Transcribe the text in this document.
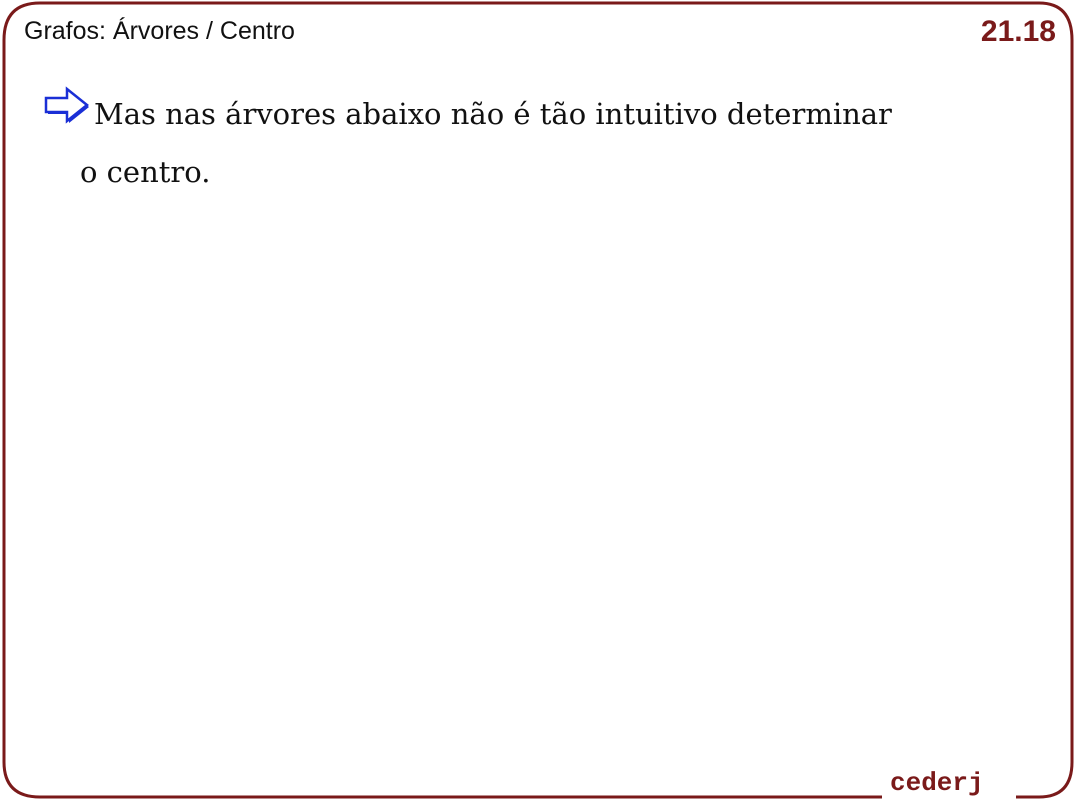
Grafos: Árvores / Centro	21.18
Mas nas árvores abaixo não é tão intuitivo determinar
o centro.
cederj
